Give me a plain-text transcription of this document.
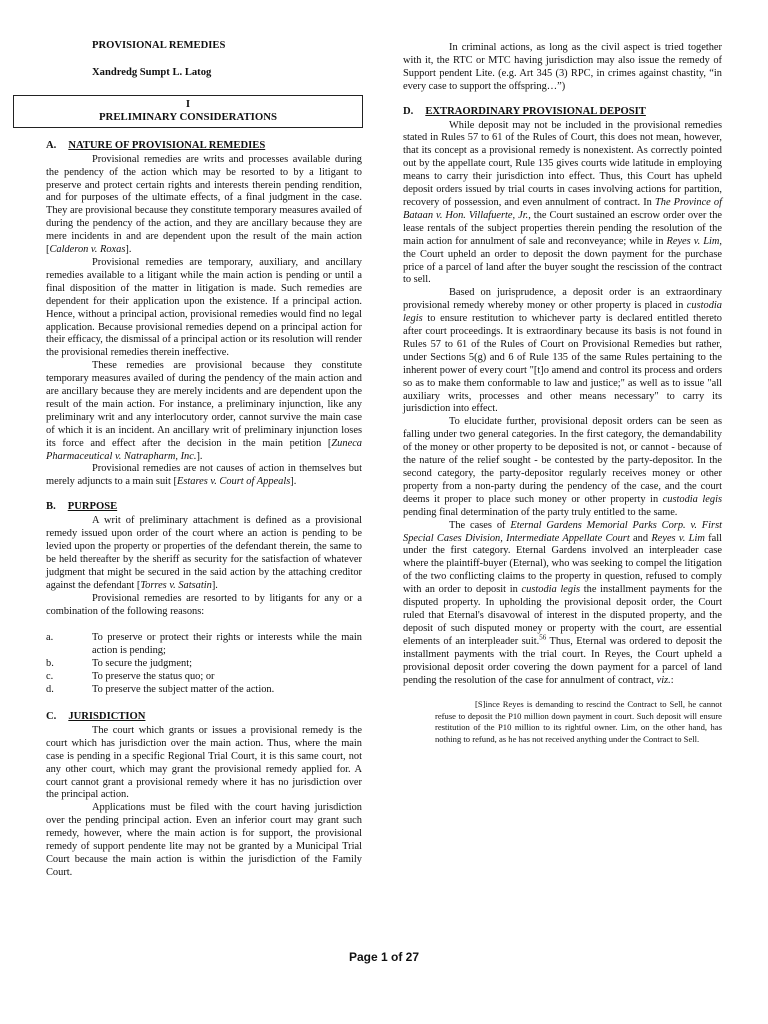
PROVISIONAL REMEDIES

Xandredg Sumpt L. Latog

I
PRELIMINARY CONSIDERATIONS
A. NATURE OF PROVISIONAL REMEDIES

Provisional remedies are writs and processes available during the pendency of the action which may be resorted to by a litigant to preserve and protect certain rights and interests therein pending rendition, and for purposes of the ultimate effects, of a final judgment in the case. They are provisional because they constitute temporary measures availed of during the pendency of the action, and they are ancillary because they are mere incidents in and are dependent upon the result of the main action [Calderon v. Roxas].

Provisional remedies are temporary, auxiliary, and ancillary remedies available to a litigant while the main action is pending or until a final disposition of the matter in litigation is made. Such remedies are dependent for their application upon the existence. If a principal action. Hence, without a principal action, provisional remedies would find no legal application. Because provisional remedies depend on a principal action for their efficacy, the dismissal of a principal action or its resolution will render the provisional remedies therein ineffective.

These remedies are provisional because they constitute temporary measures availed of during the pendency of the main action and are ancillary because they are merely incidents and are dependent upon the result of the main action. For instance, a preliminary injunction, like any preliminary writ and any interlocutory order, cannot survive the main case of which it is an incident. An ancillary writ of preliminary injunction loses its force and effect after the decision in the main petition [Zuneca Pharmaceutical v. Natrapharm, Inc.].

Provisional remedies are not causes of action in themselves but merely adjuncts to a main suit [Estares v. Court of Appeals].

B. PURPOSE

A writ of preliminary attachment is defined as a provisional remedy issued upon order of the court where an action is pending to be levied upon the property or properties of the defendant therein, the same to be held thereafter by the sheriff as security for the satisfaction of whatever judgment that might be secured in the said action by the attaching creditor against the defendant [Torres v. Satsatin].

Provisional remedies are resorted to by litigants for any or a combination of the following reasons:

a.	To preserve or protect their rights or interests while the main action is pending;
b.	To secure the judgment;
c.	To preserve the status quo; or
d.	To preserve the subject matter of the action.
C. JURISDICTION

The court which grants or issues a provisional remedy is the court which has jurisdiction over the main action. Thus, where the main case is pending in a specific Regional Trial Court, it is this same court, not any other court, which may grant the provisional remedy applied for. A court cannot grant a provisional remedy where it has no jurisdiction over the principal action.

Applications must be filed with the court having jurisdiction over the pending principal action. Even an inferior court may grant such remedy, however, where the main action is for support, the provisional remedy of support pendente lite may not be granted by a Municipal Trial Court because the main action is within the jurisdiction of the Family Court.

In criminal actions, as long as the civil aspect is tried together with it, the RTC or MTC having jurisdiction may also issue the remedy of Support pendent Lite. (e.g. Art 345 (3) RPC, in crimes against chastity, “in every case to support the offspring…”)

D. EXTRAORDINARY PROVISIONAL DEPOSIT

While deposit may not be included in the provisional remedies stated in Rules 57 to 61 of the Rules of Court, this does not mean, however, that its concept as a provisional remedy is nonexistent. As correctly pointed out by the appellate court, Rule 135 gives courts wide latitude in employing means to carry their jurisdiction into effect. Thus, this Court has upheld deposit orders issued by trial courts in cases involving actions for partition, recovery of possession, and even annulment of contract. In The Province of Bataan v. Hon. Villafuerte, Jr., the Court sustained an escrow order over the lease rentals of the subject properties therein pending the resolution of the main action for annulment of sale and reconveyance; while in Reyes v. Lim, the Court upheld an order to deposit the down payment for the purchase price of a parcel of land after the buyer sought the rescission of the contract to sell.

Based on jurisprudence, a deposit order is an extraordinary provisional remedy whereby money or other property is placed in custodia legis to ensure restitution to whichever party is declared entitled thereto after court proceedings. It is extraordinary because its basis is not found in Rules 57 to 61 of the Rules of Court on Provisional Remedies but rather, under Sections 5(g) and 6 of Rule 135 of the same Rules pertaining to the inherent power of every court "[t]o amend and control its process and orders so as to make them conformable to law and justice;" as well as to issue "all auxiliary writs, processes and other means necessary" to carry its jurisdiction into effect.

To elucidate further, provisional deposit orders can be seen as falling under two general categories. In the first category, the demandability of the money or other property to be deposited is not, or cannot - because of the nature of the relief sought - be contested by the party-depositor. In the second category, the party-depositor regularly receives money or other property from a non-party during the pendency of the case, and the court deems it proper to place such money or other property in custodia legis pending final determination of the party truly entitled to the same.

The cases of Eternal Gardens Memorial Parks Corp. v. First Special Cases Division, Intermediate Appellate Court and Reyes v. Lim fall under the first category. Eternal Gardens involved an interpleader case where the plaintiff-buyer (Eternal), who was seeking to compel the litigation of the two conflicting claims to the property in question, refused to comply with an order to deposit in custodia legis the installment payments for the disputed property. In upholding the provisional deposit order, the Court ruled that Eternal's disavowal of interest in the disputed property, and the deposit of such disputed money or property with the court, are essential elements of an interpleader suit.$^{56}$ Thus, Eternal was ordered to deposit the installment payments with the trial court. In Reyes, the Court upheld a provisional deposit order covering the down payment for a parcel of land pending the resolution of the case for annulment of contract, viz.:

[S]ince Reyes is demanding to rescind the Contract to Sell, he cannot refuse to deposit the P10 million down payment in court. Such deposit will ensure restitution of the P10 million to its rightful owner. Lim, on the other hand, has nothing to refund, as he has not received anything under the Contract to Sell.

Page 1 of 27
